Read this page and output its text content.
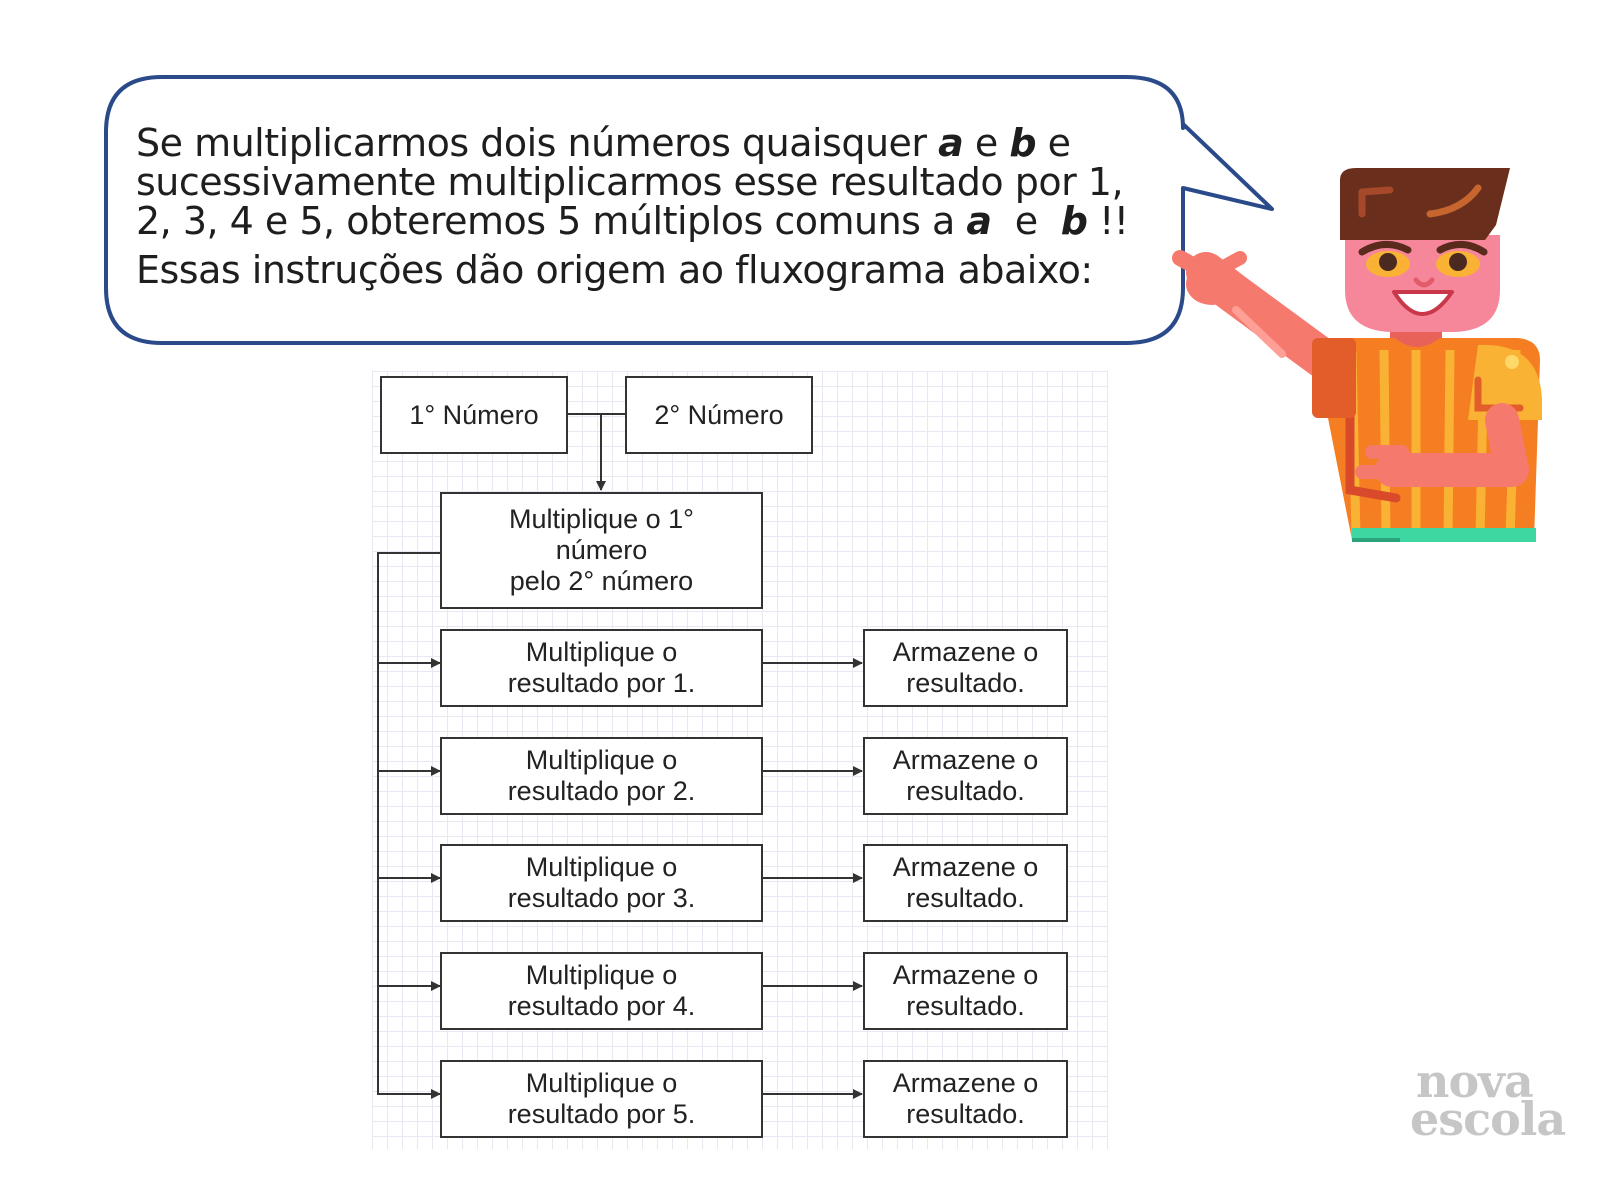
Se multiplicarmos dois números quaisquer a e b e sucessivamente multiplicarmos esse resultado por 1, 2, 3, 4 e 5, obteremos 5 múltiplos comuns a a  e  b !!

Essas instruções dão origem ao fluxograma abaixo:

1° Número	2° Número
Multiplique o 1°
número
pelo 2° número
Multiplique o
resultado por 1.
Armazene o
resultado.
Multiplique o
resultado por 2.
Armazene o
resultado.
Multiplique o
resultado por 3.
Armazene o
resultado.
Multiplique o
resultado por 4.
Armazene o
resultado.
Multiplique o
resultado por 5.
Armazene o
resultado.
nova
escola
